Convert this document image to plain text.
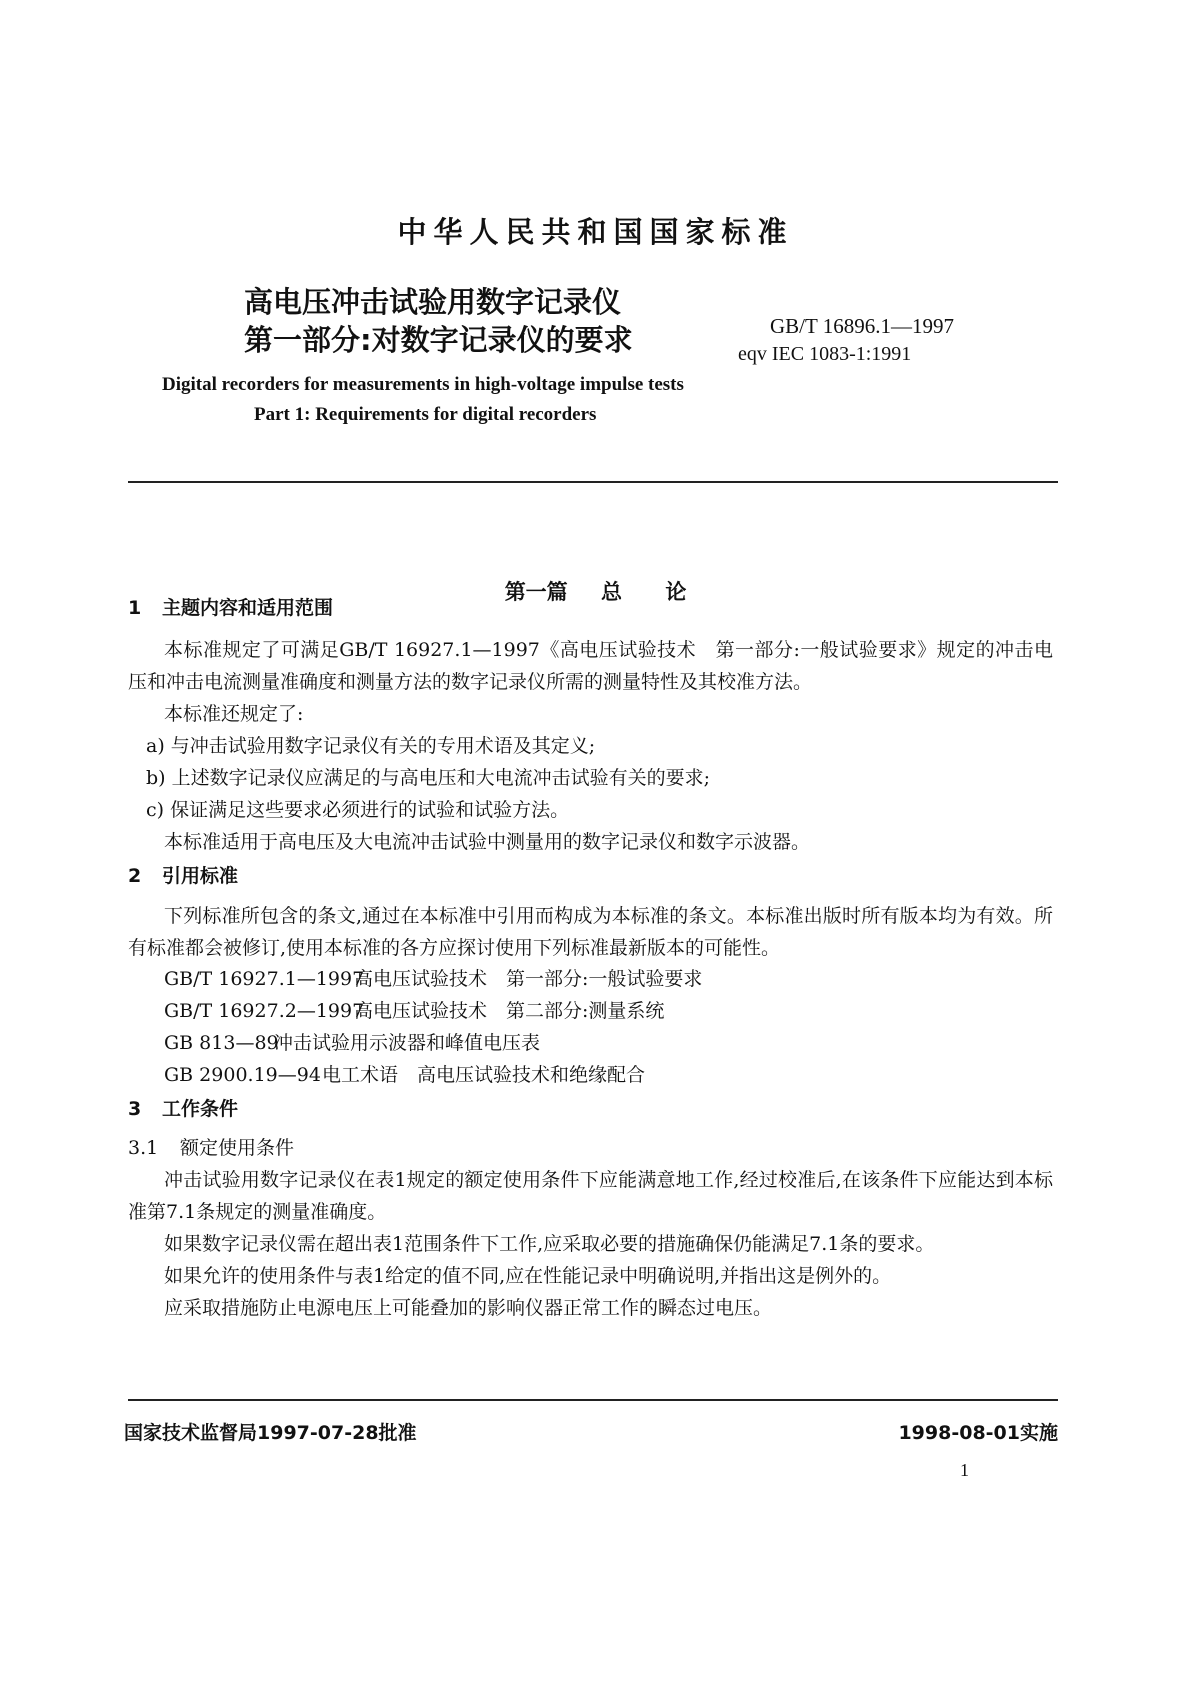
中华人民共和国国家标准
高电压冲击试验用数字记录仪
第一部分:对数字记录仪的要求	GB/T 16896.1—1997
eqv IEC 1083-1:1991
Digital recorders for measurements in high-voltage impulse tests
Part 1: Requirements for digital recorders
第一篇 总 论
1 主题内容和适用范围
本标准规定了可满足GB/T 16927.1—1997《高电压试验技术　第一部分:一般试验要求》规定的冲击电压和冲击电流测量准确度和测量方法的数字记录仪所需的测量特性及其校准方法。
本标准还规定了:
a) 与冲击试验用数字记录仪有关的专用术语及其定义;
b) 上述数字记录仪应满足的与高电压和大电流冲击试验有关的要求;
c) 保证满足这些要求必须进行的试验和试验方法。
本标准适用于高电压及大电流冲击试验中测量用的数字记录仪和数字示波器。
2 引用标准
下列标准所包含的条文,通过在本标准中引用而构成为本标准的条文。本标准出版时所有版本均为有效。所有标准都会被修订,使用本标准的各方应探讨使用下列标准最新版本的可能性。
GB/T 16927.1—1997高电压试验技术　第一部分:一般试验要求
GB/T 16927.2—1997高电压试验技术　第二部分:测量系统
GB 813—89冲击试验用示波器和峰值电压表
GB 2900.19—94电工术语　高电压试验技术和绝缘配合
3 工作条件
3.1 额定使用条件
冲击试验用数字记录仪在表1规定的额定使用条件下应能满意地工作,经过校准后,在该条件下应能达到本标准第7.1条规定的测量准确度。
如果数字记录仪需在超出表1范围条件下工作,应采取必要的措施确保仍能满足7.1条的要求。
如果允许的使用条件与表1给定的值不同,应在性能记录中明确说明,并指出这是例外的。
应采取措施防止电源电压上可能叠加的影响仪器正常工作的瞬态过电压。
国家技术监督局1997-07-28批准	1998-08-01实施
1
